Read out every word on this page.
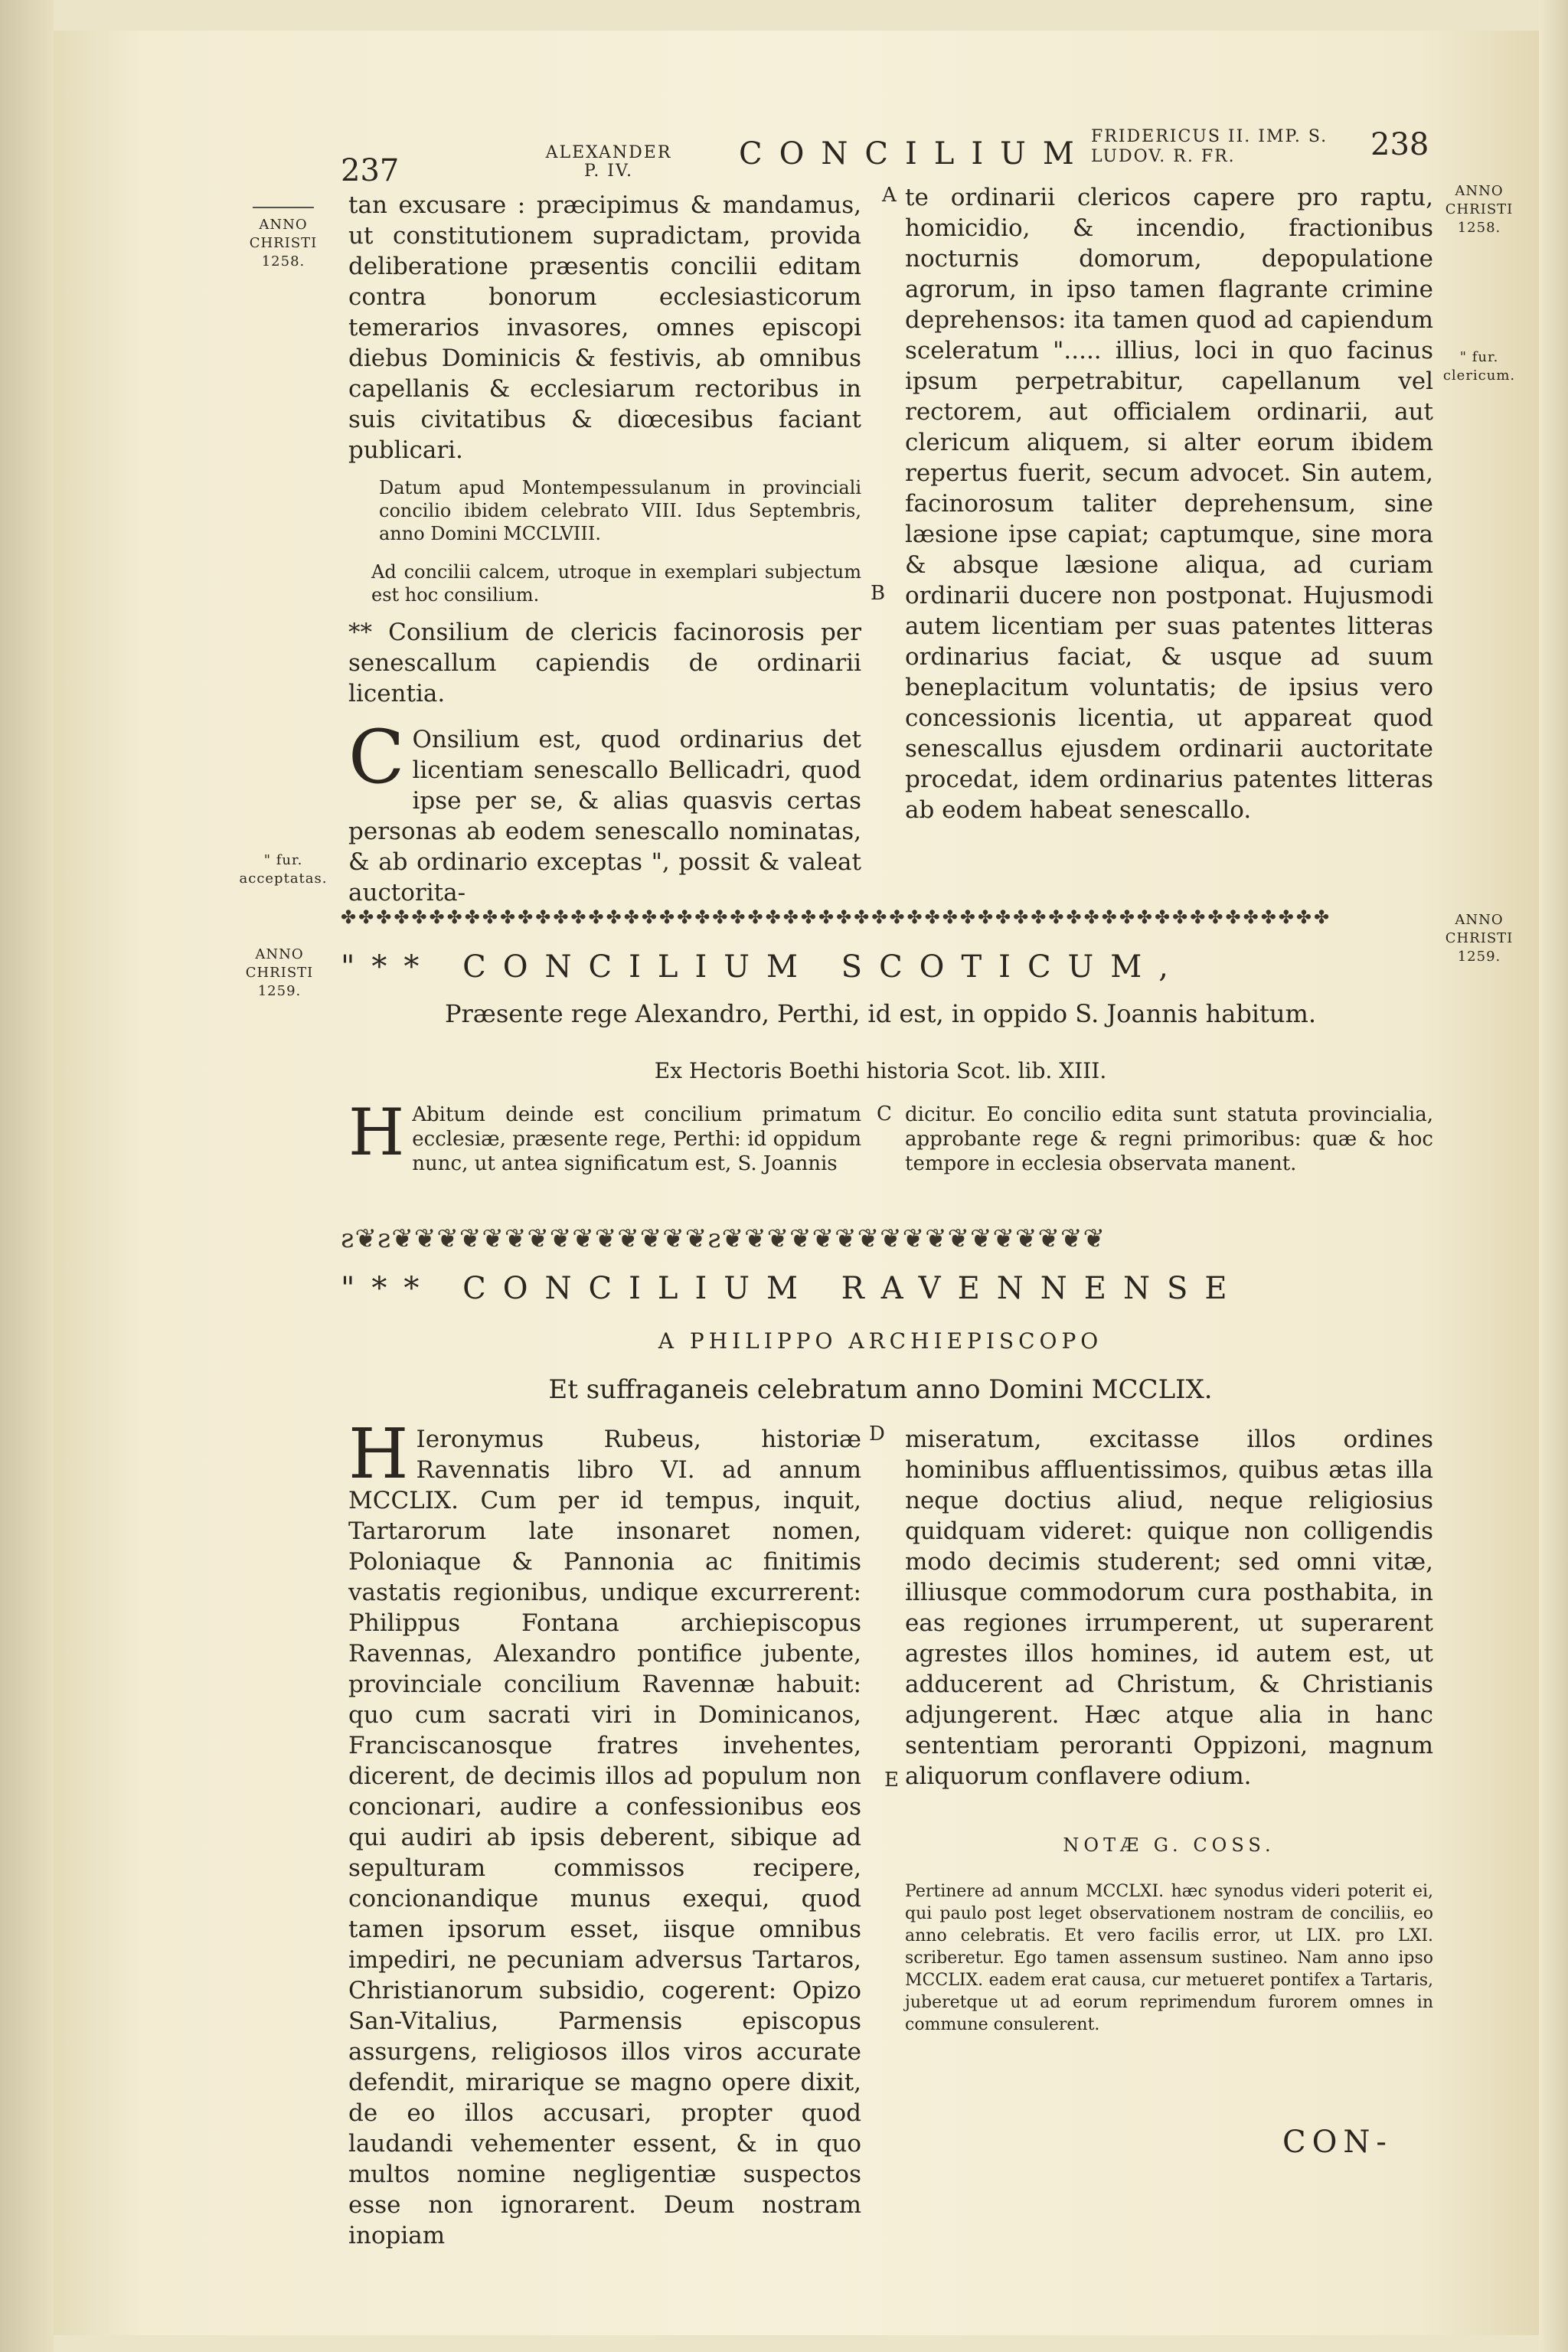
237
ALEXANDER P. IV.	CONCILIUM FRIDERICUS II. IMP. S. LUDOV. R. FR.	238
ANNO CHRISTI 1258.
ANNO CHRISTI 1258.
" fur. clericum.
" fur. acceptatas.
ANNO CHRISTI 1259.
ANNO CHRISTI 1259.
A
B
C
D
E

tan excusare : præcipimus & mandamus, ut constitutionem supradictam, provida deliberatione præsentis concilii editam contra bonorum ecclesiasticorum temerarios invasores, omnes episcopi diebus Dominicis & festivis, ab omnibus capellanis & ecclesiarum rectoribus in suis civitatibus & diœcesibus faciant publicari.

Datum apud Montempessulanum in provinciali concilio ibidem celebrato VIII. Idus Septembris, anno Domini MCCLVIII.

Ad concilii calcem, utroque in exemplari subjectum est hoc consilium.

** Consilium de clericis facinorosis per senescallum capiendis de ordinarii licentia.

C Onsilium est, quod ordinarius det licentiam senescallo Bellicadri, quod ipse per se, & alias quasvis certas personas ab eodem senescallo nominatas, & ab ordinario exceptas ", possit & valeat auctorita-

te ordinarii clericos capere pro raptu, homicidio, & incendio, fractionibus nocturnis domorum, depopulatione agrorum, in ipso tamen flagrante crimine deprehensos: ita tamen quod ad capiendum sceleratum "..... illius, loci in quo facinus ipsum perpetrabitur, capellanum vel rectorem, aut officialem ordinarii, aut clericum aliquem, si alter eorum ibidem repertus fuerit, secum advocet. Sin autem, facinorosum taliter deprehensum, sine læsione ipse capiat; captumque, sine mora & absque læsione aliqua, ad curiam ordinarii ducere non postponat. Hujusmodi autem licentiam per suas patentes litteras ordinarius faciat, & usque ad suum beneplacitum voluntatis; de ipsius vero concessionis licentia, ut appareat quod senescallus ejusdem ordinarii auctoritate procedat, idem ordinarius patentes litteras ab eodem habeat senescallo.

✤✤✤✤✤✤✤✤✤✤✤✤✤✤✤✤✤✤✤✤✤✤✤✤✤✤✤✤✤✤✤✤✤✤✤✤✤✤✤✤✤✤✤✤✤✤✤✤✤✤✤✤✤✤✤✤
"** CONCILIUM SCOTICUM,
Præsente rege Alexandro, Perthi, id est, in oppido S. Joannis habitum.
Ex Hectoris Boethi historia Scot. lib. XIII.
H Abitum deinde est concilium primatum ecclesiæ, præsente rege, Perthi: id oppidum nunc, ut antea significatum est, S. Joannis
dicitur. Eo concilio edita sunt statuta provincialia, approbante rege & regni primoribus: quæ & hoc tempore in ecclesia observata manent.
ƨ❦ƨ❦❦❦❦❦❦❦❦❦❦❦❦❦❦ƨ❦❦❦❦❦❦❦❦❦❦❦❦❦❦❦❦❦
"** CONCILIUM RAVENNENSE
A PHILIPPO ARCHIEPISCOPO
Et suffraganeis celebratum anno Domini MCCLIX.
H Ieronymus Rubeus, historiæ Ravennatis libro VI. ad annum MCCLIX. Cum per id tempus, inquit, Tartarorum late insonaret nomen, Poloniaque & Pannonia ac finitimis vastatis regionibus, undique excurrerent: Philippus Fontana archiepiscopus Ravennas, Alexandro pontifice jubente, provinciale concilium Ravennæ habuit: quo cum sacrati viri in Dominicanos, Franciscanosque fratres invehentes, dicerent, de decimis illos ad populum non concionari, audire a confessionibus eos qui audiri ab ipsis deberent, sibique ad sepulturam commissos recipere, concionandique munus exequi, quod tamen ipsorum esset, iisque omnibus impediri, ne pecuniam adversus Tartaros, Christianorum subsidio, cogerent: Opizo San-Vitalius, Parmensis episcopus assurgens, religiosos illos viros accurate defendit, mirarique se magno opere dixit, de eo illos accusari, propter quod laudandi vehementer essent, & in quo multos nomine negligentiæ suspectos esse non ignorarent. Deum nostram inopiam

miseratum, excitasse illos ordines hominibus affluentissimos, quibus ætas illa neque doctius aliud, neque religiosius quidquam videret: quique non colligendis modo decimis studerent; sed omni vitæ, illiusque commodorum cura posthabita, in eas regiones irrumperent, ut superarent agrestes illos homines, id autem est, ut adducerent ad Christum, & Christianis adjungerent. Hæc atque alia in hanc sententiam peroranti Oppizoni, magnum aliquorum conflavere odium.

NOTÆ G. COSS.

Pertinere ad annum MCCLXI. hæc synodus videri poterit ei, qui paulo post leget observationem nostram de conciliis, eo anno celebratis. Et vero facilis error, ut LIX. pro LXI. scriberetur. Ego tamen assensum sustineo. Nam anno ipso MCCLIX. eadem erat causa, cur metueret pontifex a Tartaris, juberetque ut ad eorum reprimendum furorem omnes in commune consulerent.

CON-
